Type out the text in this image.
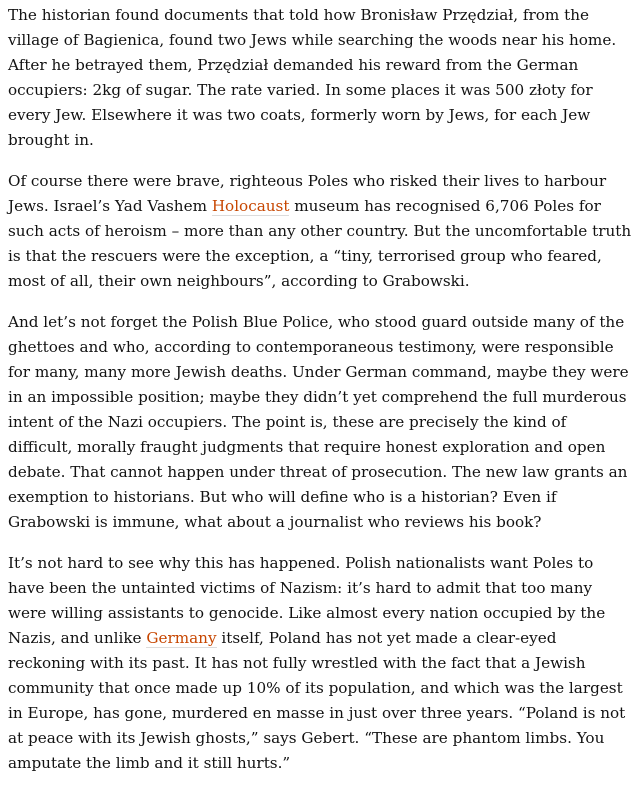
The historian found documents that told how Bronisław Przędział, from the village of Bagienica, found two Jews while searching the woods near his home. After he betrayed them, Przędział demanded his reward from the German occupiers: 2kg of sugar. The rate varied. In some places it was 500 złoty for every Jew. Elsewhere it was two coats, formerly worn by Jews, for each Jew brought in.

Of course there were brave, righteous Poles who risked their lives to harbour Jews. Israel’s Yad Vashem Holocaust museum has recognised 6,706 Poles for such acts of heroism – more than any other country. But the uncomfortable truth is that the rescuers were the exception, a “tiny, terrorised group who feared, most of all, their own neighbours”, according to Grabowski.

And let’s not forget the Polish Blue Police, who stood guard outside many of the ghettoes and who, according to contemporaneous testimony, were responsible for many, many more Jewish deaths. Under German command, maybe they were in an impossible position; maybe they didn’t yet comprehend the full murderous intent of the Nazi occupiers. The point is, these are precisely the kind of difficult, morally fraught judgments that require honest exploration and open debate. That cannot happen under threat of prosecution. The new law grants an exemption to historians. But who will define who is a historian? Even if Grabowski is immune, what about a journalist who reviews his book?

It’s not hard to see why this has happened. Polish nationalists want Poles to have been the untainted victims of Nazism: it’s hard to admit that too many were willing assistants to genocide. Like almost every nation occupied by the Nazis, and unlike Germany itself, Poland has not yet made a clear-eyed reckoning with its past. It has not fully wrestled with the fact that a Jewish community that once made up 10% of its population, and which was the largest in Europe, has gone, murdered en masse in just over three years. “Poland is not at peace with its Jewish ghosts,” says Gebert. “These are phantom limbs. You amputate the limb and it still hurts.”
